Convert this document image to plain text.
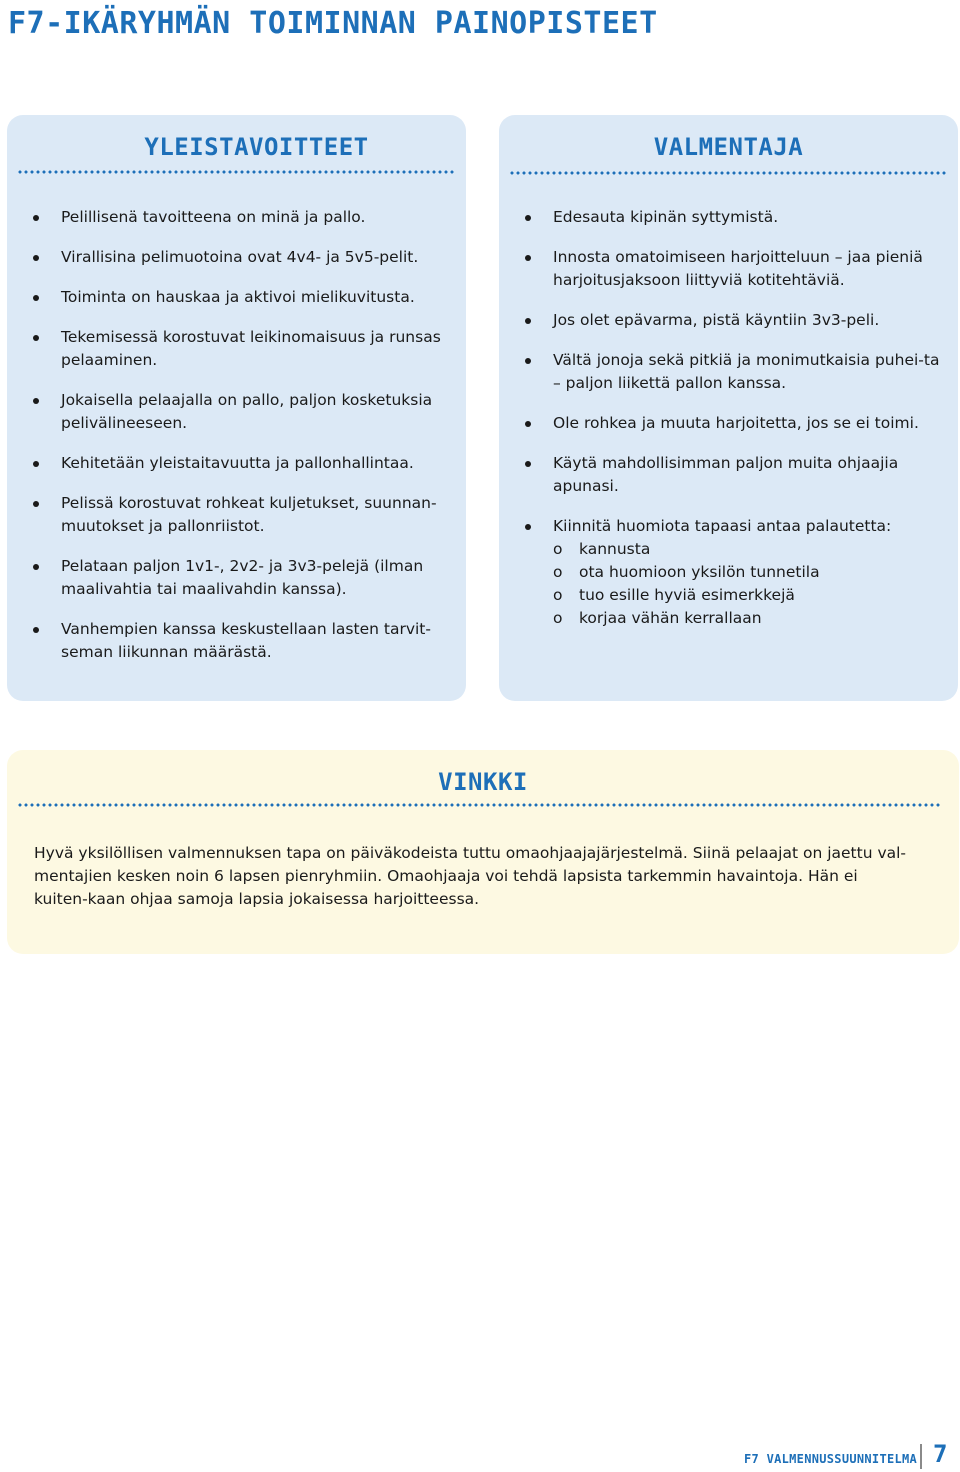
F7-IKÄRYHMÄN TOIMINNAN PAINOPISTEET
YLEISTAVOITTEET
Pelillisenä tavoitteena on minä ja pallo.
Virallisina pelimuotoina ovat 4v4- ja 5v5-pelit.
Toiminta on hauskaa ja aktivoi mielikuvitusta.
Tekemisessä korostuvat leikinomaisuus ja runsas pelaaminen.
Jokaisella pelaajalla on pallo, paljon kosketuksia pelivälineeseen.
Kehitetään yleistaitavuutta ja pallonhallintaa.
Pelissä korostuvat rohkeat kuljetukset, suunnan-muutokset ja pallonriistot.
Pelataan paljon 1v1-, 2v2- ja 3v3-pelejä (ilman maalivahtia tai maalivahdin kanssa).
Vanhempien kanssa keskustellaan lasten tarvit-seman liikunnan määrästä.
VALMENTAJA
Edesauta kipinän syttymistä.
Innosta omatoimiseen harjoitteluun – jaa pieniä harjoitusjaksoon liittyviä kotitehtäviä.
Jos olet epävarma, pistä käyntiin 3v3-peli.
Vältä jonoja sekä pitkiä ja monimutkaisia puhei-ta – paljon liikettä pallon kanssa.
Ole rohkea ja muuta harjoitetta, jos se ei toimi.
Käytä mahdollisimman paljon muita ohjaajia apunasi.
Kiinnitä huomiota tapaasi antaa palautetta:
o kannusta
o ota huomioon yksilön tunnetila
o tuo esille hyviä esimerkkejä
o korjaa vähän kerrallaan
VINKKI

Hyvä yksilöllisen valmennuksen tapa on päiväkodeista tuttu omaohjaajajärjestelmä. Siinä pelaajat on jaettu val-mentajien kesken noin 6 lapsen pienryhmiin. Omaohjaaja voi tehdä lapsista tarkemmin havaintoja. Hän ei kuiten-kaan ohjaa samoja lapsia jokaisessa harjoitteessa.

F7 VALMENNUSSUUNNITELMA 7
